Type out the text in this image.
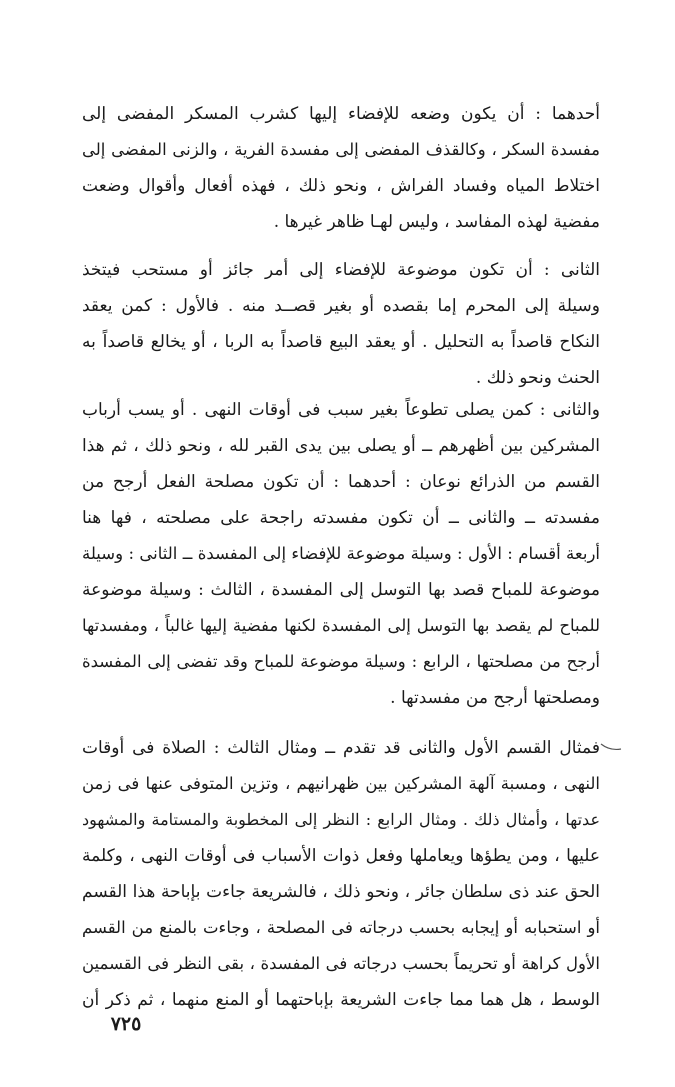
أحدهما : أن يكون وضعه للإفضاء إليها كشرب المسكر المفضى إلى
مفسدة السكر ، وكالقذف المفضى إلى مفسدة الفرية ، والزنى المفضى إلى
اختلاط المياه وفساد الفراش ، ونحو ذلك ، فهذه أفعال وأقوال وضعت
مفضية لهذه المفاسد ، وليس لهـا ظاهر غيرها .
الثانى : أن تكون موضوعة للإفضاء إلى أمر جائز أو مستحب فيتخذ
وسيلة إلى المحرم إما بقصده أو بغير قصــد منه . فالأول : كمن يعقد
النكاح قاصداً به التحليل . أو يعقد البيع قاصداً به الربا ، أو يخالع قاصداً به
الحنث ونحو ذلك .
والثانى : كمن يصلى تطوعاً بغير سبب فى أوقات النهى . أو يسب أرباب
المشركين بين أظهرهم ــ أو يصلى بين يدى القبر لله ، ونحو ذلك ، ثم هذا
القسم من الذرائع نوعان : أحدهما : أن تكون مصلحة الفعل أرجح من
مفسدته ــ والثانى ــ أن تكون مفسدته راجحة على مصلحته ، فها هنا
أربعة أقسام : الأول : وسيلة موضوعة للإفضاء إلى المفسدة ــ الثانى : وسيلة
موضوعة للمباح قصد بها التوسل إلى المفسدة ، الثالث : وسيلة موضوعة
للمباح لم يقصد بها التوسل إلى المفسدة لكنها مفضية إليها غالباً ، ومفسدتها
أرجح من مصلحتها ، الرابع : وسيلة موضوعة للمباح وقد تفضى إلى المفسدة
ومصلحتها أرجح من مفسدتها .
فمثال القسم الأول والثانى قد تقدم ــ ومثال الثالث : الصلاة فى أوقات
النهى ، ومسبة آلهة المشركين بين ظهرانيهم ، وتزين المتوفى عنها فى زمن
عدتها ، وأمثال ذلك . ومثال الرابع : النظر إلى المخطوبة والمستامة والمشهود
عليها ، ومن يطؤها ويعاملها وفعل ذوات الأسباب فى أوقات النهى ، وكلمة
الحق عند ذى سلطان جائر ، ونحو ذلك ، فالشريعة جاءت بإباحة هذا القسم
أو استحبابه أو إيجابه بحسب درجاته فى المصلحة ، وجاءت بالمنع من القسم
الأول كراهة أو تحريماً بحسب درجاته فى المفسدة ، بقى النظر فى القسمين
الوسط ، هل هما مما جاءت الشريعة بإباحتهما أو المنع منهما ، ثم ذكر أن
٧٢٥
